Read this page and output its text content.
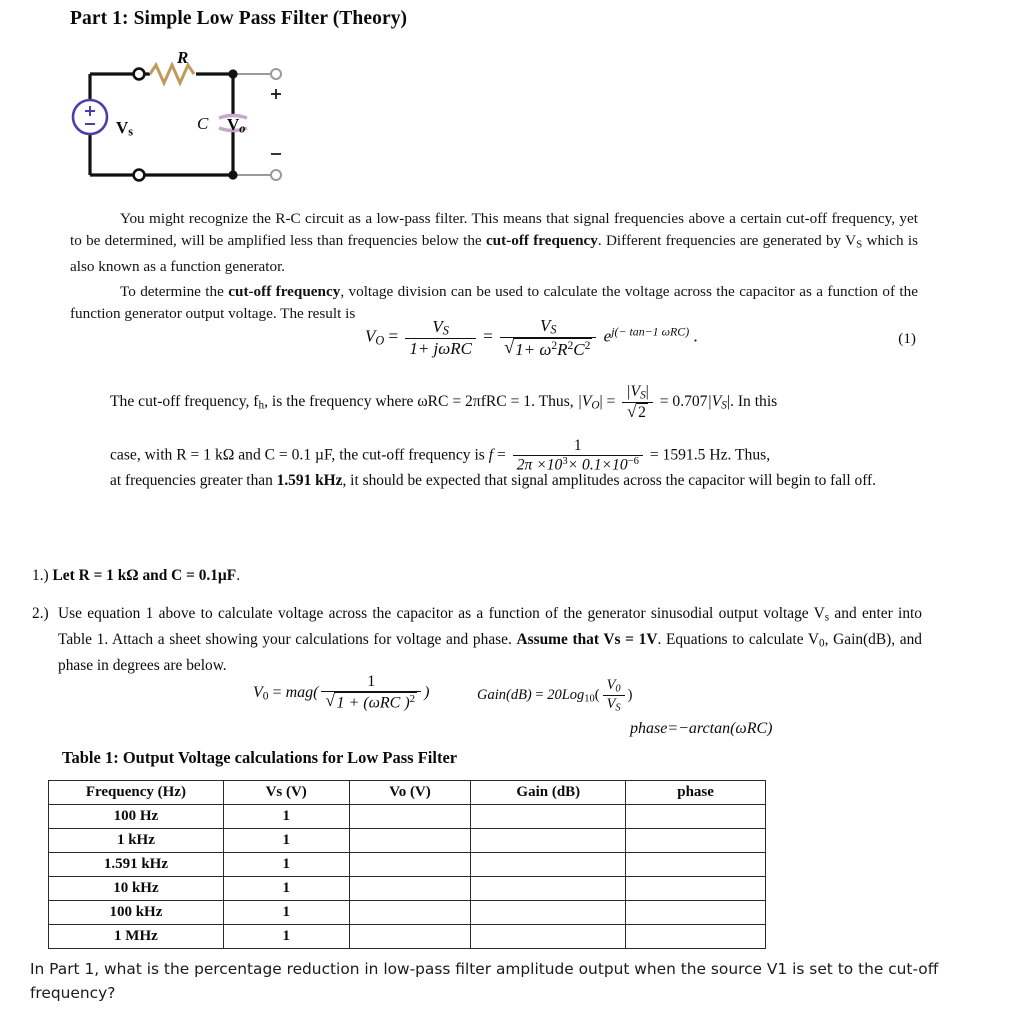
Part 1: Simple Low Pass Filter (Theory)
R
C
$V_s$	Vo

You might recognize the R-C circuit as a low-pass filter. This means that signal frequencies above a certain cut-off frequency, yet to be determined, will be amplified less than frequencies below the cut-off frequency. Different frequencies are generated by $V_S$ which is also known as a function generator.

To determine the cut-off frequency, voltage division can be used to calculate the voltage across the capacitor as a function of the function generator output voltage. The result is

VO = $\frac{VS}{\text{1+ jωRC}}$ = VS
√ $1+ \omega^2R^2C^2$ $e^{j(- tan-1 \omega RC)}$ .	(1)
The cut-off frequency, $f_h$, is the frequency where ωRC = 2πfRC = 1. Thus, |VO| = |VS|
√ 2 = 0.707|VS|. In this
case, with R = 1 kΩ and C = 0.1 µF, the cut-off frequency is $f = \frac{1}{2\pi \times 10^3\times 0.1\times 10^{-6}} = 1591.5$ Hz. Thus,
at frequencies greater than 1.591 kHz, it should be expected that signal amplitudes across the capacitor will begin to fall off.
1.) Let R = 1 kΩ and C = 0.1µF.
2.) Use equation 1 above to calculate voltage across the capacitor as a function of the generator sinusodial output voltage $V_s$ and enter into Table 1. Attach a sheet showing your calculations for voltage and phase. Assume that Vs = 1V. Equations to calculate $V_0$, Gain(dB), and phase in degrees are below.
$V_0 = mag$( 1
√ 1 + (ωRC )$^2$ )	Gain(dB) = $20Log_{10}( \frac{V0}{VS}$ )
phase=−arctan(ωRC)
Table 1: Output Voltage calculations for Low Pass Filter
Frequency (Hz)	Vs (V)	Vo (V)	Gain (dB)	phase
100 Hz	1			
1 kHz	1			
1.591 kHz	1			
10 kHz	1			
100 kHz	1			
1 MHz	1			
In Part 1, what is the percentage reduction in low-pass filter amplitude output when the source V1 is set to the cut-off frequency?
